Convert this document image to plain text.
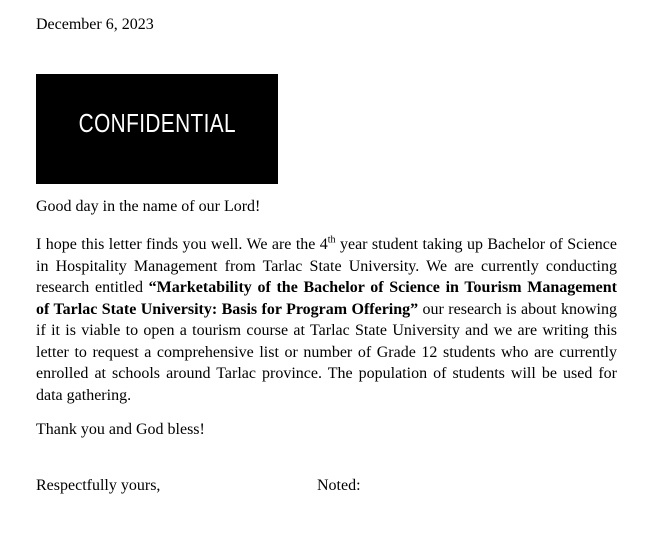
December 6, 2023
CONFIDENTIAL
Good day in the name of our Lord!

I hope this letter finds you well. We are the 4th year student taking up Bachelor of Science in Hospitality Management from Tarlac State University. We are currently conducting research entitled “Marketability of the Bachelor of Science in Tourism Management of Tarlac State University: Basis for Program Offering” our research is about knowing if it is viable to open a tourism course at Tarlac State University and we are writing this letter to request a comprehensive list or number of Grade 12 students who are currently enrolled at schools around Tarlac province. The population of students will be used for data gathering.

Thank you and God bless!
Respectfully yours,	Noted:
